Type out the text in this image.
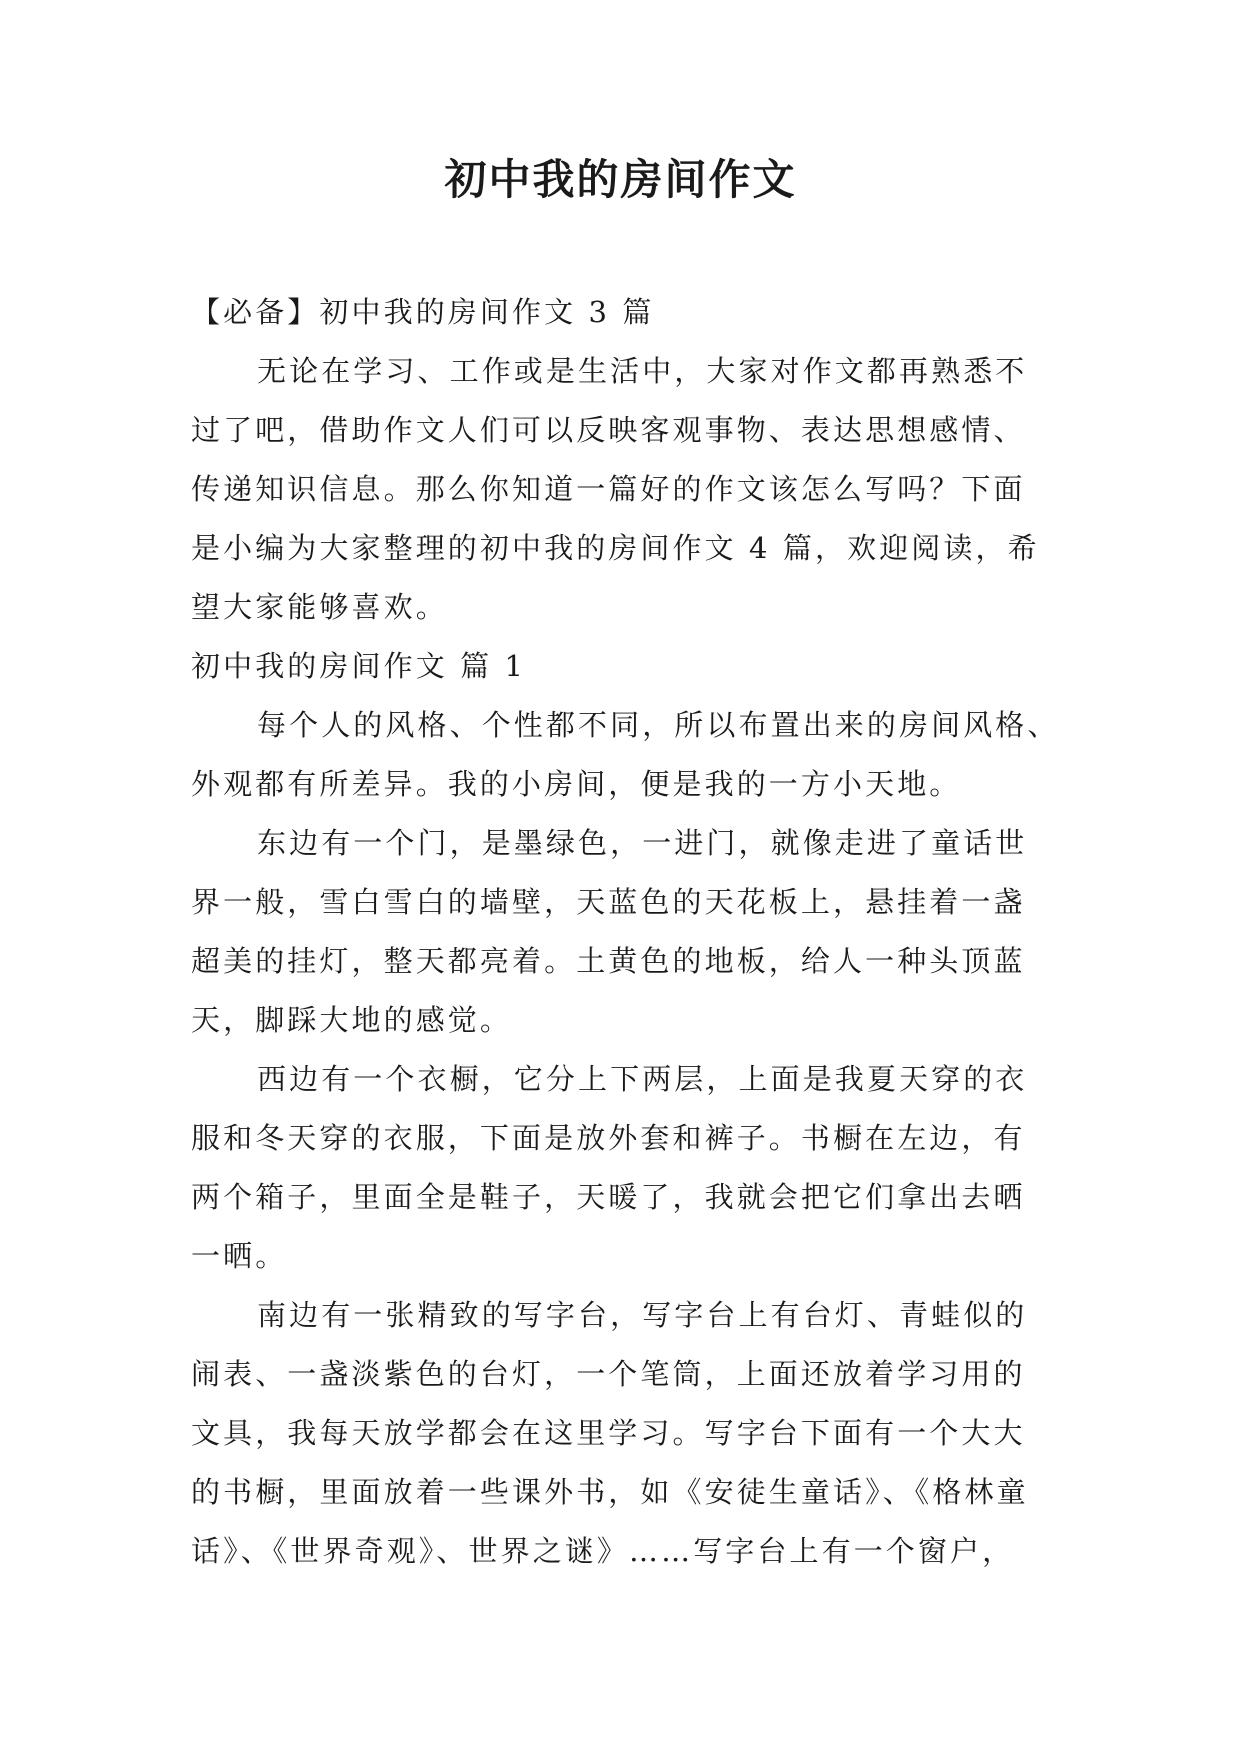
初中我的房间作文
【必备】初中我的房间作文 3 篇
无论在学习、工作或是生活中，大家对作文都再熟悉不
过了吧，借助作文人们可以反映客观事物、表达思想感情、
传递知识信息。那么你知道一篇好的作文该怎么写吗？下面
是小编为大家整理的初中我的房间作文 4 篇，欢迎阅读，希
望大家能够喜欢。
初中我的房间作文 篇 1
每个人的风格、个性都不同，所以布置出来的房间风格、
外观都有所差异。我的小房间，便是我的一方小天地。
东边有一个门，是墨绿色，一进门，就像走进了童话世
界一般，雪白雪白的墙壁，天蓝色的天花板上，悬挂着一盏
超美的挂灯，整天都亮着。土黄色的地板，给人一种头顶蓝
天，脚踩大地的感觉。
西边有一个衣橱，它分上下两层，上面是我夏天穿的衣
服和冬天穿的衣服，下面是放外套和裤子。书橱在左边，有
两个箱子，里面全是鞋子，天暖了，我就会把它们拿出去晒
一晒。
南边有一张精致的写字台，写字台上有台灯、青蛙似的
闹表、一盏淡紫色的台灯，一个笔筒，上面还放着学习用的
文具，我每天放学都会在这里学习。写字台下面有一个大大
的书橱，里面放着一些课外书，如《安徒生童话》、《格林童
话》、《世界奇观》、世界之谜》……写字台上有一个窗户，
